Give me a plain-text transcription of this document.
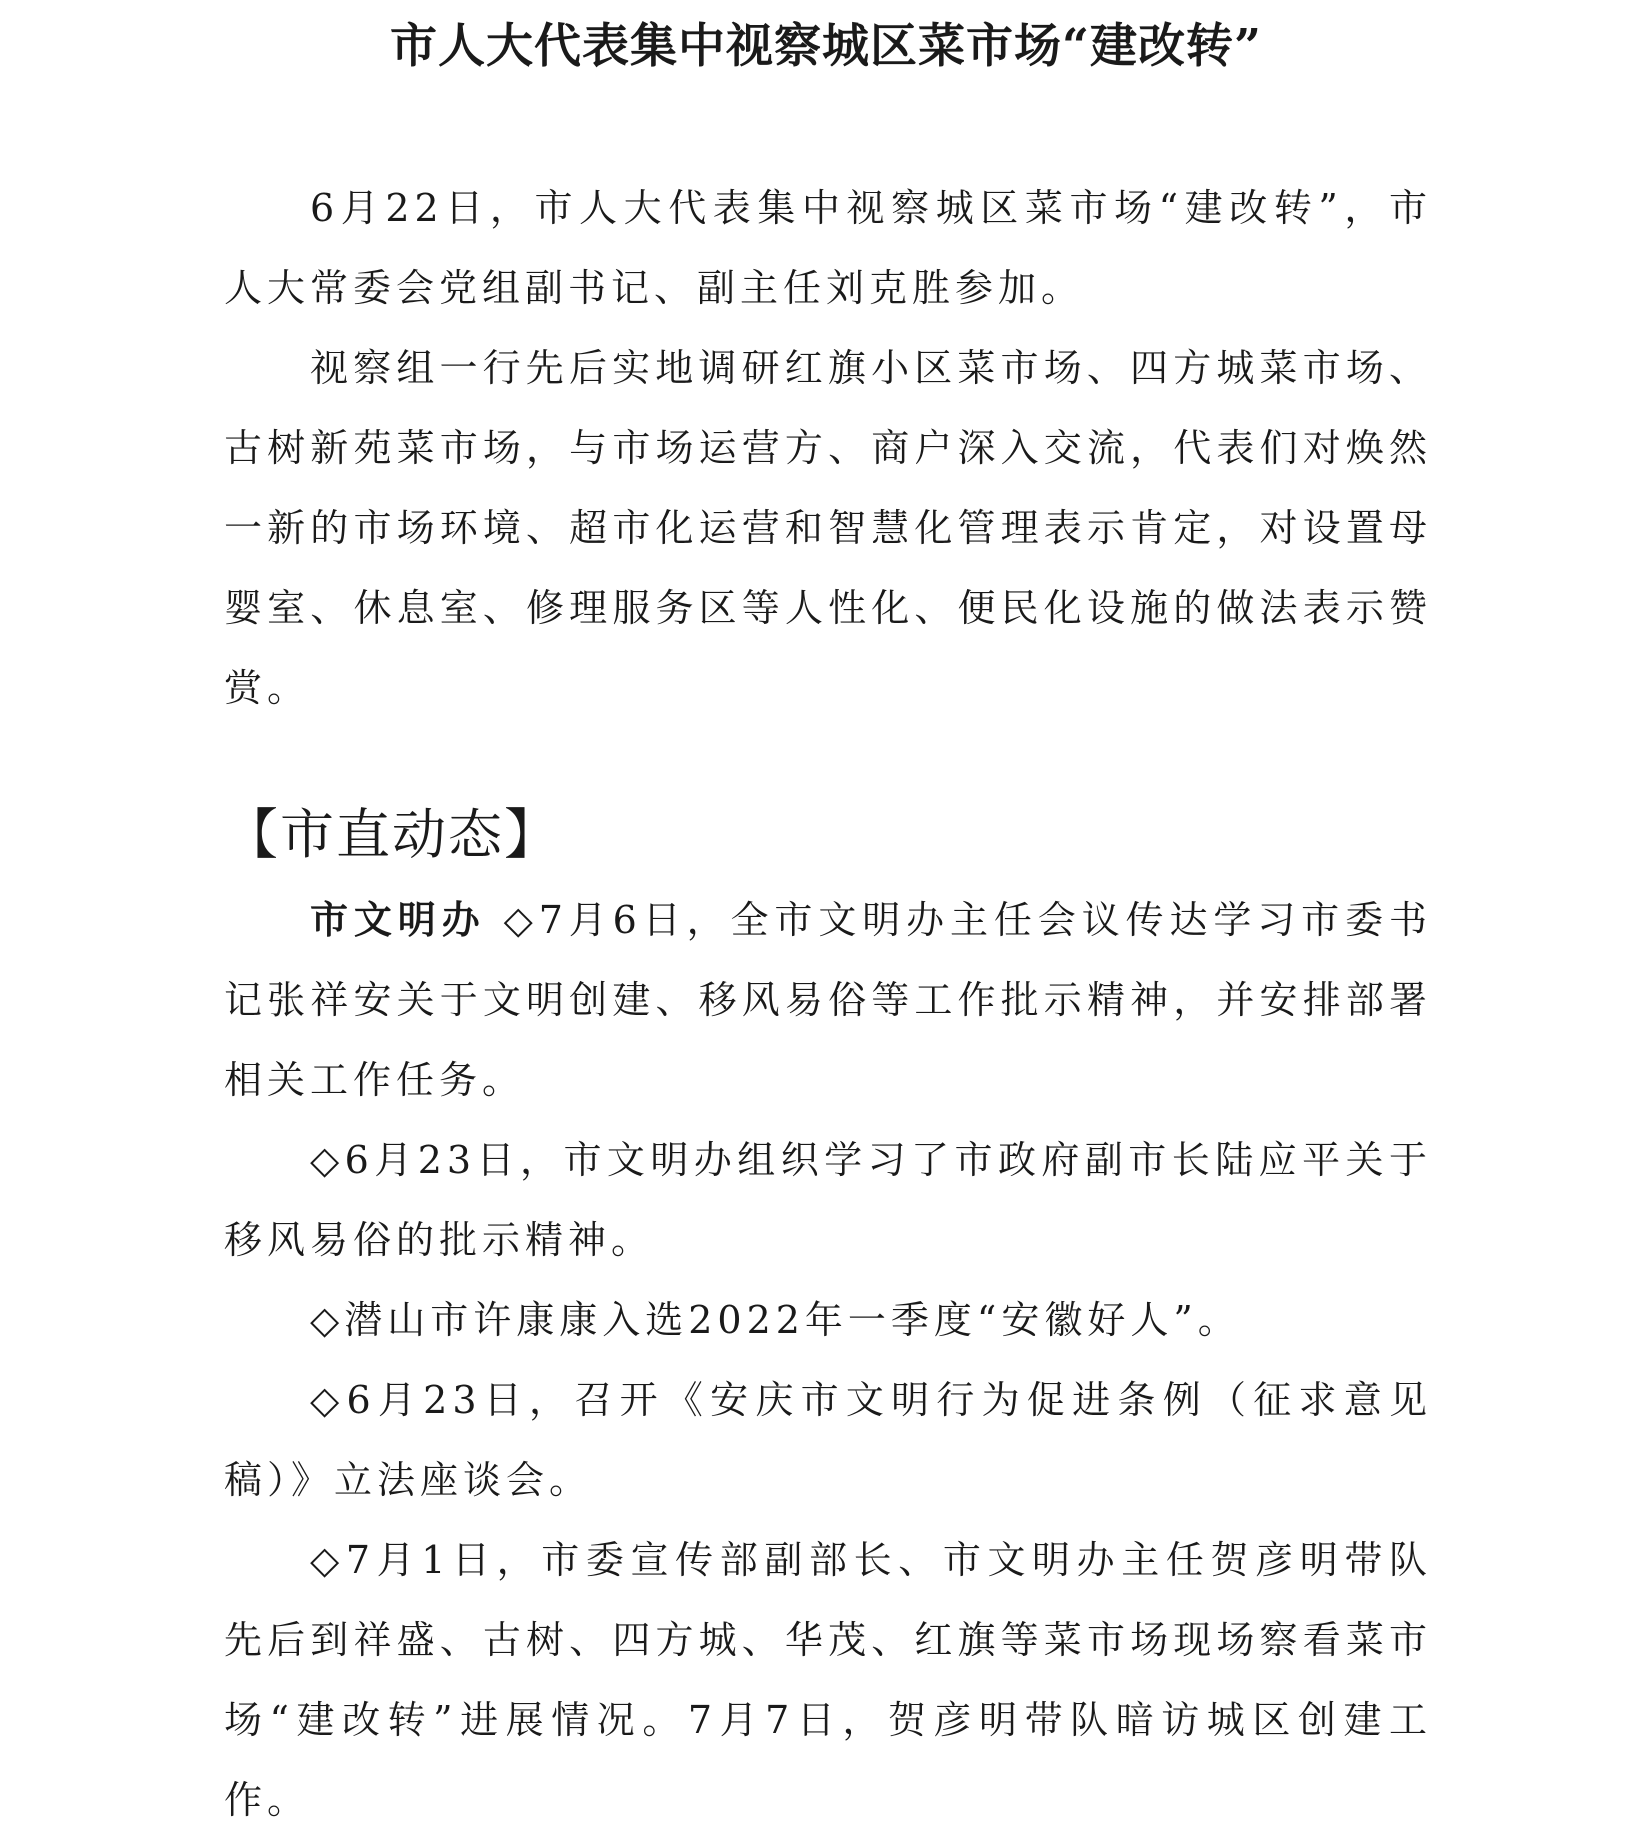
市人大代表集中视察城区菜市场“建改转”

6月22日，市人大代表集中视察城区菜市场“建改转”，市人大常委会党组副书记、副主任刘克胜参加。

视察组一行先后实地调研红旗小区菜市场、四方城菜市场、古树新苑菜市场，与市场运营方、商户深入交流，代表们对焕然一新的市场环境、超市化运营和智慧化管理表示肯定，对设置母婴室、休息室、修理服务区等人性化、便民化设施的做法表示赞赏。

【市直动态】

市文明办 ◇7月6日，全市文明办主任会议传达学习市委书记张祥安关于文明创建、移风易俗等工作批示精神，并安排部署相关工作任务。

◇6月23日，市文明办组织学习了市政府副市长陆应平关于移风易俗的批示精神。

◇潜山市许康康入选2022年一季度“安徽好人”。

◇6月23日，召开《安庆市文明行为促进条例（征求意见稿）》立法座谈会。

◇7月1日，市委宣传部副部长、市文明办主任贺彦明带队先后到祥盛、古树、四方城、华茂、红旗等菜市场现场察看菜市场“建改转”进展情况。7月7日，贺彦明带队暗访城区创建工作。
